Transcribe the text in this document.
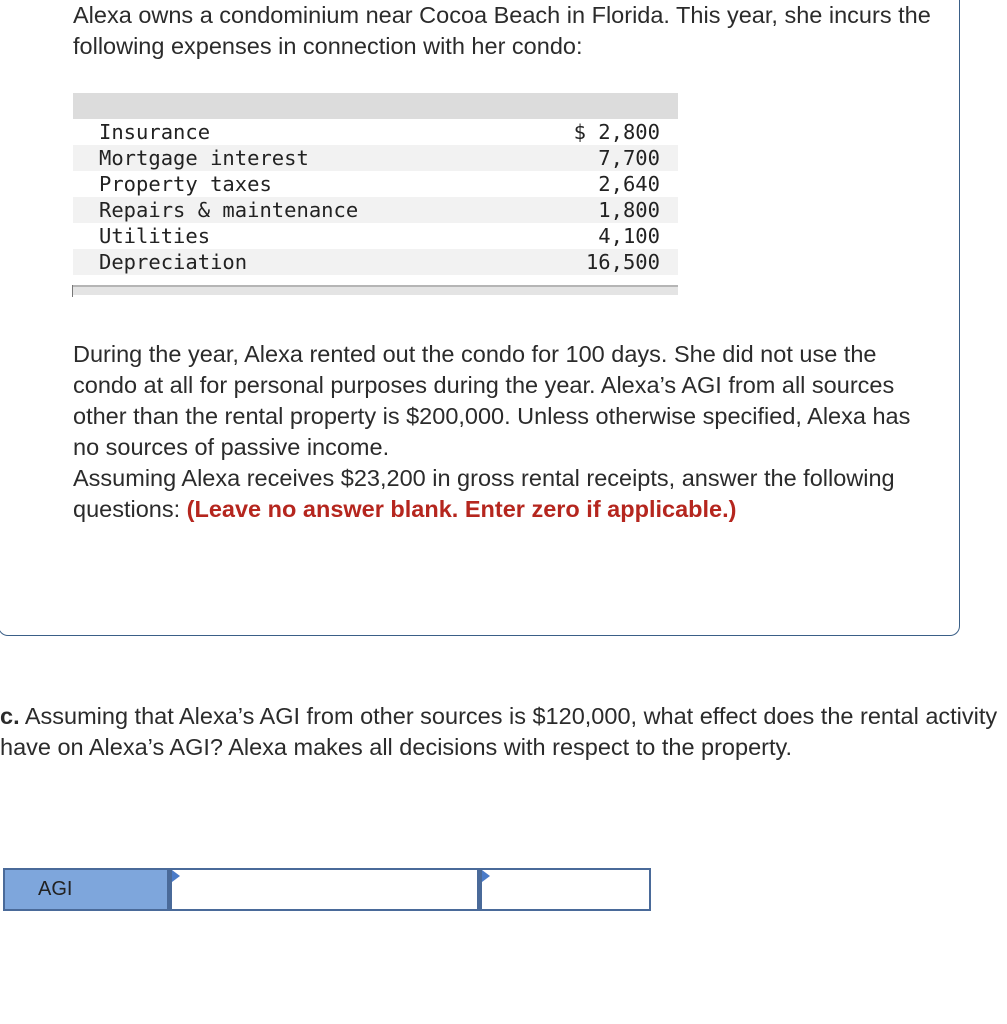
Alexa owns a condominium near Cocoa Beach in Florida. This year, she incurs the following expenses in connection with her condo:

Insurance	$ 2,800
Mortgage interest	7,700
Property taxes	2,640
Repairs & maintenance	1,800
Utilities	4,100
Depreciation	16,500
During the year, Alexa rented out the condo for 100 days. She did not use the condo at all for personal purposes during the year. Alexa’s AGI from all sources other than the rental property is $200,000. Unless otherwise specified, Alexa has no sources of passive income.
Assuming Alexa receives $23,200 in gross rental receipts, answer the following questions: (Leave no answer blank. Enter zero if applicable.)

c. Assuming that Alexa’s AGI from other sources is $120,000, what effect does the rental activity have on Alexa’s AGI? Alexa makes all decisions with respect to the property.

AGI
